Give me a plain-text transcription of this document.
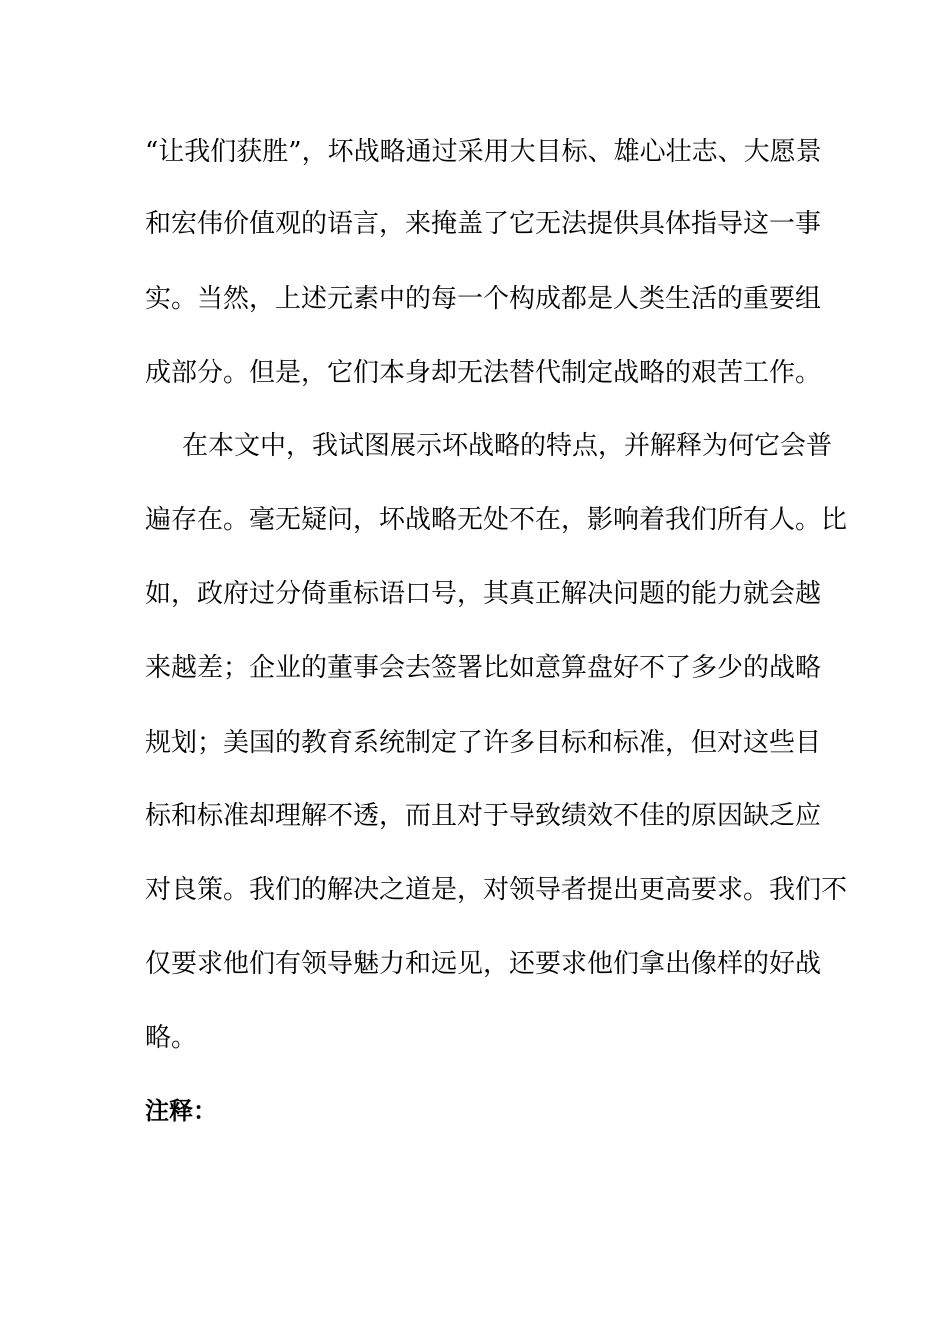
“让我们获胜”，坏战略通过采用大目标、雄心壮志、大愿景
和宏伟价值观的语言，来掩盖了它无法提供具体指导这一事
实。当然，上述元素中的每一个构成都是人类生活的重要组
成部分。但是，它们本身却无法替代制定战略的艰苦工作。
在本文中，我试图展示坏战略的特点，并解释为何它会普
遍存在。毫无疑问，坏战略无处不在，影响着我们所有人。比
如，政府过分倚重标语口号，其真正解决问题的能力就会越
来越差；企业的董事会去签署比如意算盘好不了多少的战略
规划；美国的教育系统制定了许多目标和标准，但对这些目
标和标准却理解不透，而且对于导致绩效不佳的原因缺乏应
对良策。我们的解决之道是，对领导者提出更高要求。我们不
仅要求他们有领导魅力和远见，还要求他们拿出像样的好战
略。
注释：
